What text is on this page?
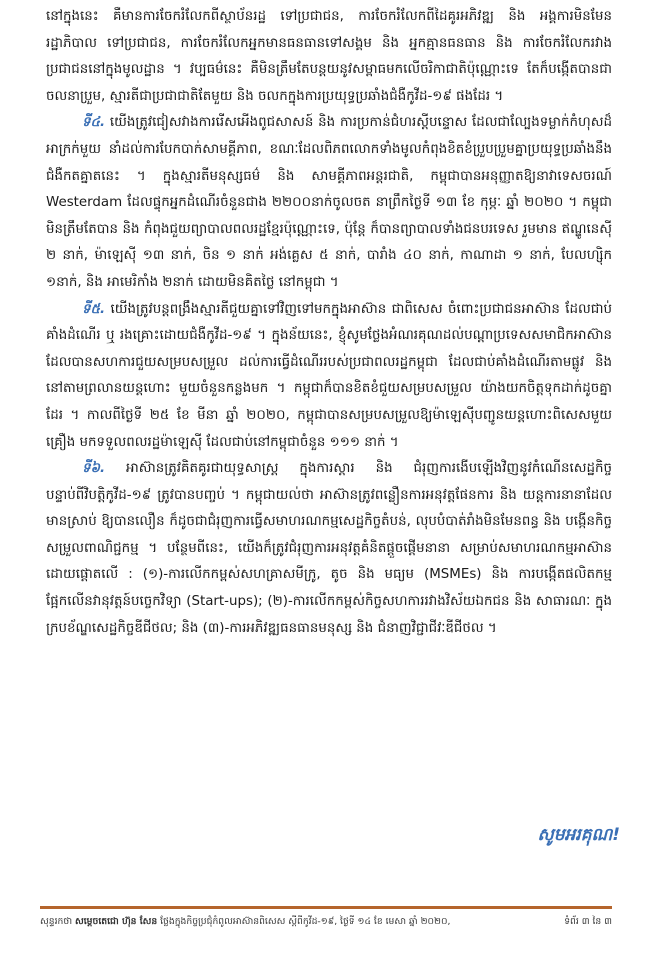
នៅក្នុងនេះ គឺមានការចែករំលែកពីស្ថាប័នរដ្ឋ ទៅប្រជាជន, ការចែករំលែកពីដៃគូរអភិវឌ្ឍ និង អង្គការមិនមែនរដ្ឋាភិបាល ទៅប្រជាជន, ការចែករំលែកអ្នកមានធនធានទៅសង្គម និង អ្នកគ្មានធនធាន និង ការចែករំលែករវាងប្រជាជននៅក្នុងមូលដ្ឋាន ។ វប្បធម៌នេះ គឺមិនត្រឹមតែបន្តយនូវសម្ពាធមកលើចរិកាជាតិប៉ុណ្ណោះទេ តែក៏បង្កើតបានជាចលនាប្រួម, ស្មារតីជាប្រជាជាតិតែមួយ និង ចលកក្នុងការប្រយុទ្ធប្រឆាំងជំងឺកូវីដ-១៩ ផងដែរ ។

ទី៤. យើងត្រូវជៀសវាងការរើសអើងពូជសាសន៍ និង ការប្រកាន់ជំហរស្តីបន្ទោស ដែលជាល្បែងទម្លាក់កំហុសដ៏អាក្រក់មួយ នាំដល់ការបែកបាក់សាមគ្គីភាព, ខណៈដែលពិភពលោកទាំងមូលកំពុងខិតខំប្រួបប្រួមគ្នាប្រយុទ្ធប្រឆាំងនឹងជំងឺកតគ្នាតនេះ ។ ក្នុងស្មារតីមនុស្សធម៌ និង សាមគ្គីភាពអន្តរជាតិ, កម្ពុជាបានអនុញ្ញាតឱ្យនាវាទេសចរណ៍ Westerdam ដែលផ្ទុកអ្នកដំណើរចំនួនជាង ២២០០នាក់ចូលចត នាព្រឹកថ្ងៃទី ១៣ ខែ កុម្ភៈ ឆ្នាំ ២០២០ ។ កម្ពុជាមិនត្រឹមតែបាន និង កំពុងជួយព្យាបាលពលរដ្ឋខ្មែរប៉ុណ្ណោះទេ, ប៉ុន្តែ ក៏បានព្យាបាលទាំងជនបរទេស រួមមាន ឥណ្ឌូនេស៊ី ២ នាក់, ម៉ាឡេស៊ី ១៣ នាក់, ចិន ១ នាក់ អង់គ្លេស ៥ នាក់, បារាំង ៤០ នាក់, កាណាដា ១ នាក់, បែលហ្ស៊ិក ១នាក់, និង អាមេរិកាំង ២នាក់ ដោយមិនគិតថ្លៃ នៅកម្ពុជា ។

ទី៥. យើងត្រូវបន្តពង្រឹងស្មារតីជួយគ្នាទៅវិញទៅមកក្នុងអាស៊ាន ជាពិសេស ចំពោះប្រជាជនអាស៊ាន ដែលជាប់គាំងដំណើរ ឬ រងគ្រោះដោយជំងឺកូវីដ-១៩ ។ ក្នុងន័យនេះ, ខ្ញុំសូមថ្លែងអំណរគុណដល់បណ្តាប្រទេសសមាជិកអាស៊ាន ដែលបានសហការជួយសម្របសម្រួល ដល់ការធ្វើដំណើររបស់ប្រជាពលរដ្ឋកម្ពុជា ដែលជាប់គាំងដំណើរតាមផ្លូវ និង នៅតាមព្រលានយន្តហោះ មួយចំនួនកន្លងមក ។ កម្ពុជាក៏បានខិតខំជួយសម្របសម្រួល យ៉ាងយកចិត្តទុកដាក់ដូចគ្នាដែរ ។ កាលពីថ្ងៃទី ២៥ ខែ មីនា ឆ្នាំ ២០២០, កម្ពុជាបានសម្របសម្រួលឱ្យម៉ាឡេស៊ីបញ្ជូនយន្តហោះពិសេសមួយគ្រឿង មកទទួលពលរដ្ឋម៉ាឡេស៊ី ដែលជាប់នៅកម្ពុជាចំនួន ១១១ នាក់ ។

ទី៦. អាស៊ានត្រូវគិតគូរជាយុទ្ធសាស្ត្រ ក្នុងការស្តារ និង ជំរុញការងើបឡើងវិញនូវកំណើនសេដ្ឋកិច្ច បន្ទាប់ពីវិបត្តិកូវីដ-១៩ ត្រូវបានបញ្ចប់ ។ កម្ពុជាយល់ថា អាស៊ានត្រូវពន្លឿនការអនុវត្តផែនការ និង យន្តការនានាដែលមានស្រាប់ ឱ្យបានលឿន ក៏ដូចជាជំរុញការធ្វើសមាហរណកម្មសេដ្ឋកិច្ចតំបន់, លុបបំបាត់រាំងមិនមែនពន្ធ និង បង្កើនកិច្ចសម្រួលពាណិជ្ជកម្ម ។ បន្ថែមពីនេះ, យើងក៏ត្រូវជំរុញការអនុវត្តគំនិតផ្តួចផ្តើមនានា សម្រាប់សមាហរណកម្មអាស៊ាន ដោយផ្តោតលើ : (១)-ការលើកកម្ពស់សហគ្រាសមីក្រូ, តូច និង មធ្យម (MSMEs) និង ការបង្កើតផលិតកម្មផ្អែកលើនវានុវត្តន៍បច្ចេកវិទ្យា (Start-ups); (២)-ការលើកកម្ពស់កិច្ចសហការរវាងវិស័យឯកជន និង សាធារណៈ ក្នុងក្របខ័ណ្ឌសេដ្ឋកិច្ចឌីជីថល; និង (៣)-ការអភិវឌ្ឍធនធានមនុស្ស និង ជំនាញវិជ្ជាជីវៈឌីជីថល ។

សូមអរគុណ!
សុន្ទរកថា សម្តេចតេជោ ហ៊ុន សែន ថ្លែងក្នុងកិច្ចប្រជុំកំពូលអាស៊ានពិសេស ស្តីពីកូវីដ-១៩, ថ្ងៃទី ១៤ ខែ មេសា ឆ្នាំ ២០២០,	ទំព័រ ៣ នៃ ៣
